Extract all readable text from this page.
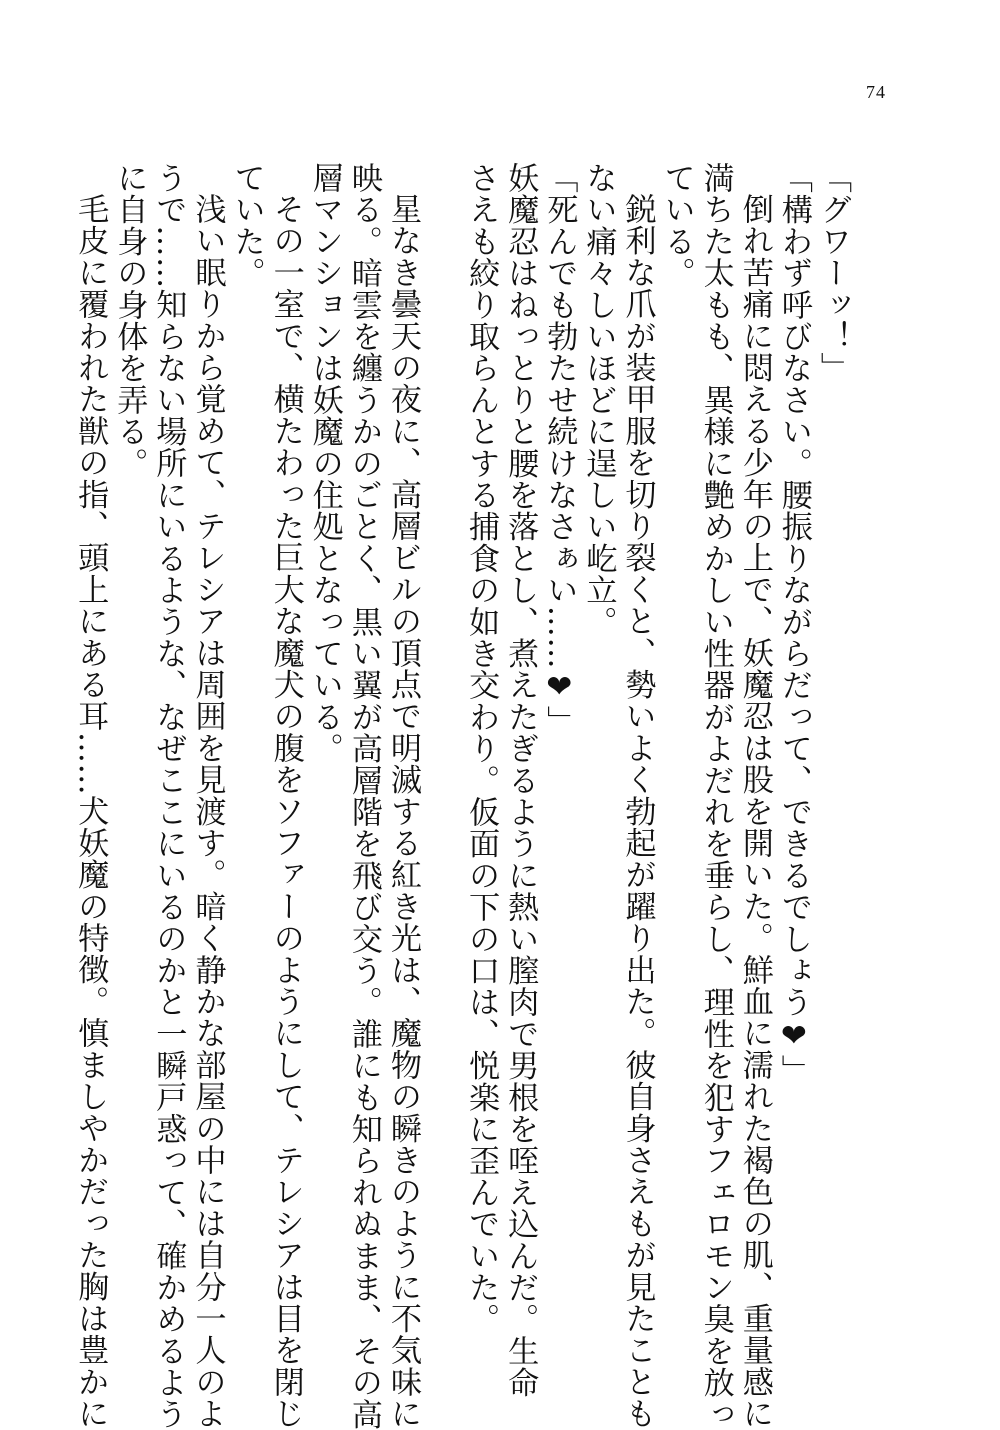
74

「グワーッ！」

「構わず呼びなさい。腰振りながらだって、できるでしょう❤」

倒れ苦痛に悶える少年の上で、妖魔忍は股を開いた。鮮血に濡れた褐色の肌、重量感に

満ちた太もも、異様に艶めかしい性器がよだれを垂らし、理性を犯すフェロモン臭を放っ

ている。

鋭利な爪が装甲服を切り裂くと、勢いよく勃起が躍り出た。彼自身さえもが見たことも

ない痛々しいほどに逞しい屹立。

「死んでも勃たせ続けなさぁい……❤」

妖魔忍はねっとりと腰を落とし、煮えたぎるように熱い膣肉で男根を咥え込んだ。生命

さえも絞り取らんとする捕食の如き交わり。仮面の下の口は、悦楽に歪んでいた。

星なき曇天の夜に、高層ビルの頂点で明滅する紅き光は、魔物の瞬きのように不気味に

映る。暗雲を纏うかのごとく、黒い翼が高層階を飛び交う。誰にも知られぬまま、その高

層マンションは妖魔の住処となっている。

その一室で、横たわった巨大な魔犬の腹をソファーのようにして、テレシアは目を閉じ

ていた。

浅い眠りから覚めて、テレシアは周囲を見渡す。暗く静かな部屋の中には自分一人のよ

うで……知らない場所にいるような、なぜここにいるのかと一瞬戸惑って、確かめるよう

に自身の身体を弄る。

毛皮に覆われた獣の指、頭上にある耳……犬妖魔の特徴。慎ましやかだった胸は豊かに
